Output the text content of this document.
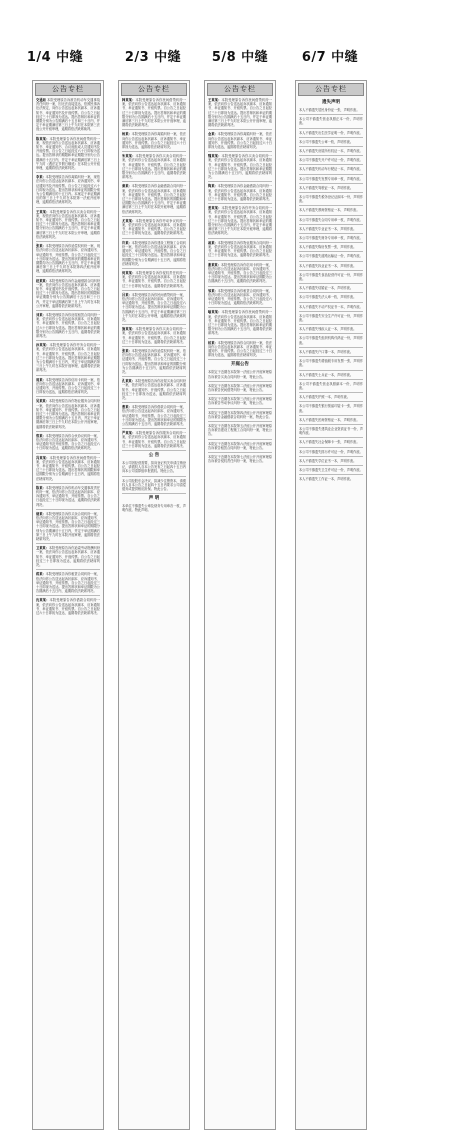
1/4 中缝	2/3 中缝	5/8 中缝	6/7 中缝
公告专栏
交通局 本院受理原告诉被告机动车交通事故责任纠纷一案，因无法直接送达，依照民事诉讼法规定，向你公告送达起诉状副本、应诉通知书、举证通知书及开庭传票。自公告之日起经过三十日即视为送达。提出答辩状和举证的期限分别为公告期满后十五日和三十日内，并定于举证期满后第三日上午九时在本院第三法庭公开开庭审理，逾期将依法缺席裁判。
陈某某：本院受理原告诉你民间借贷纠纷一案，现依法向你公告送达起诉状副本、应诉通知书、举证通知书、合议庭组成人员通知书及开庭传票。自公告之日起经过六十日即视为送达。提出答辩状的期限和举证期限分别为公告期满后十五日内，并定于举证期满后第三日上午九时（遇法定节假日顺延）在本院公开开庭审理，逾期将依法缺席判决。
李某：本院受理原告诉你离婚纠纷一案，现依法向你公告送达起诉状副本、应诉通知书、举证通知书及开庭传票。自公告之日起经过六十日即视为送达。提出答辩状和举证的期限分别为公告期满后的十五日内。本案定于举证期满后的第三日上午九时在本院第一法庭开庭审理，逾期将依法缺席判决。
王某某：本院受理原告诉你买卖合同纠纷一案，现依法向你公告送达起诉状副本、应诉通知书、举证通知书、开庭传票。自公告之日起经过三十日即视为送达。提出答辩状和举证期限分别为公告期满后十五日内，并定于举证期满后第三日上午九时在本院公开审理，逾期将依法缺席判决。
张某：本院受理原告诉你追偿权纠纷一案，现依法向你公告送达起诉状副本、应诉通知书、举证通知书、开庭传票。自公告之日起经过三十日即视为送达。提出答辩状的期限和举证的期限均为公告期满后十五日内，并定于举证期满后第三日上午九时在本院第四法庭开庭审理，逾期将依法缺席判决。
赵某某：本院受理原告诉你金融借款合同纠纷一案，依法向你公告送达起诉状副本、应诉通知书、举证通知书及开庭传票。自公告之日起经过三十日即视为送达。提出答辩状的期限和举证期限分别为公告期满后十五日和三十日内，并定于举证期满后第三日上午九时在本院公开审理，逾期将依法缺席判决。
刘某：本院受理原告诉你房屋租赁合同纠纷一案，依法向你公告送达起诉状副本、应诉通知书、举证通知书、开庭传票。自公告之日起经过六十日即视为送达。提出答辩状和举证的期限分别为公告期满后十五日内，逾期将依法缺席判决。
孙某某：本院受理原告诉你劳务合同纠纷一案，依法向你公告送达起诉状副本、应诉通知书、举证通知书、开庭传票。自公告之日起经过三十日即视为送达。提出答辩状和举证期限为公告期满后十五日内，并定于举证期满后第三日上午九时在本院开庭审理，逾期将依法缺席判决。
周某：本院受理原告诉你信用卡纠纷一案，依法向你公告送达起诉状副本、应诉通知书、举证通知书、开庭传票。自公告之日起经过三十日即视为送达，逾期将依法缺席判决。
吴某某：本院受理原告诉你物业服务合同纠纷一案，依法向你公告送达起诉状副本、应诉通知书、举证通知书、开庭传票。自公告之日起经过三十日即视为送达。提出答辩状和举证的期限分别为公告期满后十五日内，并定于举证期满后第三日上午九时在本院公开开庭审理，逾期将依法缺席判决。
郑某：本院受理原告诉你合伙协议纠纷一案，依法向你公告送达起诉状副本、应诉通知书、举证通知书及开庭传票。自公告之日起经过六十日即视为送达，逾期将依法缺席判决。
冯某某：本院受理原告诉你民间借贷纠纷一案，依法向你公告送达起诉状副本、应诉通知书、举证通知书、开庭传票。自公告之日起经过三十日即视为送达。提出答辩状的期限和举证期限分别为公告期满后十五日内，逾期将依法缺席判决。
陈某：本院受理原告诉你机动车交通事故责任纠纷一案，依法向你公告送达起诉状副本、应诉通知书、举证通知书、开庭传票。自公告之日起经过三十日即视为送达，逾期将依法缺席判决。
褚某：本院受理原告诉你买卖合同纠纷一案，依法向你公告送达起诉状副本、应诉通知书、举证通知书、开庭传票。自公告之日起经过三十日即视为送达。提出答辩状和举证的期限分别为公告期满后十五日内，并定于举证期满后第三日上午九时在本院开庭审理，逾期将依法缺席判决。
卫某某：本院受理原告诉你追索劳动报酬纠纷一案，依法向你公告送达起诉状副本、应诉通知书、举证通知书、开庭传票。自公告之日起经过三十日即视为送达，逾期将依法缺席判决。
蒋某：本院受理原告诉你租赁合同纠纷一案，依法向你公告送达起诉状副本、应诉通知书、举证通知书、开庭传票。自公告之日起经过三十日即视为送达。提出答辩状和举证期限为公告期满后十五日内，逾期将依法缺席判决。
沈某某：本院受理原告诉你借款合同纠纷一案，依法向你公告送达起诉状副本、应诉通知书、举证通知书、开庭传票。自公告之日起经过六十日即视为送达，逾期将依法缺席判决。
公告专栏
韩某某：本院受理原告诉你民间借贷纠纷一案，依法向你公告送达起诉状副本、应诉通知书、举证通知书、开庭传票。自公告之日起经过三十日即视为送达。提出答辩状和举证的期限分别为公告期满后十五日内，并定于举证期满后第三日上午九时在本院公开开庭审理，逾期将依法缺席判决。
杨某：本院受理原告诉你离婚纠纷一案，依法向你公告送达起诉状副本、应诉通知书、举证通知书、开庭传票。自公告之日起经过六十日即视为送达，逾期将依法缺席判决。
朱某某：本院受理原告诉你买卖合同纠纷一案，依法向你公告送达起诉状副本、应诉通知书、举证通知书、开庭传票。自公告之日起经过三十日即视为送达。提出答辩状和举证的期限分别为公告期满后十五日内，逾期将依法缺席判决。
秦某：本院受理原告诉你金融借款合同纠纷一案，依法向你公告送达起诉状副本、应诉通知书、举证通知书、开庭传票。自公告之日起经过三十日即视为送达。提出答辩状的期限和举证期限为公告期满后十五日内，并定于举证期满后第三日上午九时在本院开庭审理，逾期将依法缺席判决。
尤某某：本院受理原告诉你劳动争议纠纷一案，依法向你公告送达起诉状副本、应诉通知书、举证通知书、开庭传票。自公告之日起经过三十日即视为送达，逾期将依法缺席判决。
许某：本院受理原告诉你建设工程施工合同纠纷一案，依法向你公告送达起诉状副本、应诉通知书、举证通知书、开庭传票。自公告之日起经过三十日即视为送达。提出答辩状和举证的期限分别为公告期满后十五日内，逾期将依法缺席判决。
何某某：本院受理原告诉你侵权责任纠纷一案，依法向你公告送达起诉状副本、应诉通知书、举证通知书、开庭传票。自公告之日起经过三十日即视为送达，逾期将依法缺席判决。
吕某：本院受理原告诉你民间借贷纠纷一案，依法向你公告送达起诉状副本、应诉通知书、举证通知书、开庭传票。自公告之日起经过六十日即视为送达。提出答辩状和举证期限为公告期满后十五日内，并定于举证期满后第三日上午九时在本院公开审理，逾期将依法缺席判决。
施某某：本院受理原告诉你买卖合同纠纷一案，依法向你公告送达起诉状副本、应诉通知书、举证通知书、开庭传票。自公告之日起经过三十日即视为送达，逾期将依法缺席判决。
张某：本院受理原告诉你追偿权纠纷一案，依法向你公告送达起诉状副本、应诉通知书、举证通知书、开庭传票。自公告之日起经过三十日即视为送达。提出答辩状和举证的期限分别为公告期满后十五日内，逾期将依法缺席判决。
孔某某：本院受理原告诉你房屋买卖合同纠纷一案，依法向你公告送达起诉状副本、应诉通知书、举证通知书、开庭传票。自公告之日起经过三十日即视为送达，逾期将依法缺席判决。
曹某：本院受理原告诉你借款合同纠纷一案，依法向你公告送达起诉状副本、应诉通知书、举证通知书、开庭传票。自公告之日起经过三十日即视为送达。提出答辩状和举证的期限为公告期满后十五日内，逾期将依法缺席判决。
严某某：本院受理原告诉你服务合同纠纷一案，依法向你公告送达起诉状副本、应诉通知书、举证通知书、开庭传票。自公告之日起经过三十日即视为送达，逾期将依法缺席判决。
公 告
本公司因经营需要，拟向登记机关申请注销登记，请债权人自本公告发布之日起四十五日内向本公司清算组申报债权。特此公告。
本公司经股东会决议，拟减少注册资本，请债权人自本公告之日起四十五日内要求公司清偿债务或提供相应担保。特此公告。
声 明
本单位不慎遗失公章及财务专用章各一枚，声明作废。特此声明。
公告专栏
王某某：本院受理原告诉你民间借贷纠纷一案，依法向你公告送达起诉状副本、应诉通知书、举证通知书、开庭传票。自公告之日起经过三十日即视为送达。提出答辩状和举证的期限分别为公告期满后十五日内，并定于举证期满后第三日上午九时在本院公开开庭审理，逾期将依法缺席判决。
金某：本院受理原告诉你离婚纠纷一案，依法向你公告送达起诉状副本、应诉通知书、举证通知书、开庭传票。自公告之日起经过六十日即视为送达，逾期将依法缺席判决。
魏某某：本院受理原告诉你买卖合同纠纷一案，依法向你公告送达起诉状副本、应诉通知书、举证通知书、开庭传票。自公告之日起经过三十日即视为送达。提出答辩状和举证期限为公告期满后十五日内，逾期将依法缺席判决。
陶某：本院受理原告诉你金融借款合同纠纷一案，依法向你公告送达起诉状副本、应诉通知书、举证通知书、开庭传票。自公告之日起经过三十日即视为送达，逾期将依法缺席判决。
姜某某：本院受理原告诉你劳务合同纠纷一案，依法向你公告送达起诉状副本、应诉通知书、举证通知书、开庭传票。自公告之日起经过三十日即视为送达。提出答辩状和举证的期限分别为公告期满后十五日内，并定于举证期满后第三日上午九时在本院开庭审理，逾期将依法缺席判决。
戚某：本院受理原告诉你物业服务合同纠纷一案，依法向你公告送达起诉状副本、应诉通知书、举证通知书、开庭传票。自公告之日起经过三十日即视为送达，逾期将依法缺席判决。
谢某某：本院受理原告诉你信用卡纠纷一案，依法向你公告送达起诉状副本、应诉通知书、举证通知书、开庭传票。自公告之日起经过三十日即视为送达。提出答辩状和举证期限为公告期满后十五日内，逾期将依法缺席判决。
邹某：本院受理原告诉你租赁合同纠纷一案，依法向你公告送达起诉状副本、应诉通知书、举证通知书、开庭传票。自公告之日起经过六十日即视为送达，逾期将依法缺席判决。
喻某某：本院受理原告诉你民间借贷纠纷一案，依法向你公告送达起诉状副本、应诉通知书、举证通知书、开庭传票。自公告之日起经过三十日即视为送达。提出答辩状和举证的期限分别为公告期满后十五日内，逾期将依法缺席判决。
柏某：本院受理原告诉你合同纠纷一案，依法向你公告送达起诉状副本、应诉通知书、举证通知书、开庭传票。自公告之日起经过三十日即视为送达，逾期将依法缺席判决。
开庭公告
本院定于近期在本院第一法庭公开开庭审理原告诉被告买卖合同纠纷一案，特此公告。
本院定于近期在本院第二法庭公开开庭审理原告诉被告民间借贷纠纷一案，特此公告。
本院定于近期在本院第三法庭公开开庭审理原告诉被告劳动争议纠纷一案，特此公告。
本院定于近期在本院第四法庭公开开庭审理原告诉被告金融借款合同纠纷一案，特此公告。
本院定于近期在本院第五法庭公开开庭审理原告诉被告建设工程施工合同纠纷一案，特此公告。
本院定于近期在本院第六法庭公开开庭审理原告诉被告租赁合同纠纷一案，特此公告。
本院定于近期在本院第七法庭公开开庭审理原告诉被告侵权责任纠纷一案，特此公告。
公告专栏
遗失声明
本人不慎遗失居民身份证一张，声明作废。
本公司不慎遗失营业执照正本一份，声明作废。
本人不慎遗失出生医学证明一份，声明作废。
本公司不慎遗失公章一枚，声明作废。
本人不慎遗失房屋所有权证一本，声明作废。
本公司不慎遗失开户许可证一份，声明作废。
本人不慎遗失机动车行驶证一本，声明作废。
本公司不慎遗失发票专用章一枚，声明作废。
本人不慎遗失驾驶证一本，声明作废。
本公司不慎遗失税务登记证副本一份，声明作废。
本人不慎遗失教师资格证一本，声明作废。
本公司不慎遗失合同专用章一枚，声明作废。
本人不慎遗失毕业证书一本，声明作废。
本公司不慎遗失财务专用章一枚，声明作废。
本人不慎遗失购房发票一张，声明作废。
本公司不慎遗失道路运输证一份，声明作废。
本人不慎遗失执业证书一本，声明作废。
本公司不慎遗失食品经营许可证一份，声明作废。
本人不慎遗失结婚证一本，声明作废。
本公司不慎遗失法人章一枚，声明作废。
本人不慎遗失不动产权证书一本，声明作废。
本公司不慎遗失安全生产许可证一份，声明作废。
本人不慎遗失残疾人证一本，声明作废。
本公司不慎遗失组织机构代码证一份，声明作废。
本人不慎遗失户口簿一本，声明作废。
本公司不慎遗失增值税专用发票一张，声明作废。
本人不慎遗失士兵证一本，声明作废。
本公司不慎遗失营业执照副本一份，声明作废。
本人不慎遗失护照一本，声明作废。
本公司不慎遗失银行预留印鉴卡一张，声明作废。
本人不慎遗失医师资格证一本，声明作废。
本公司不慎遗失建筑业企业资质证书一份，声明作废。
本人不慎遗失社会保障卡一张，声明作废。
本公司不慎遗失排污许可证一份，声明作废。
本人不慎遗失学位证书一本，声明作废。
本公司不慎遗失卫生许可证一份，声明作废。
本人不慎遗失工作证一本，声明作废。
